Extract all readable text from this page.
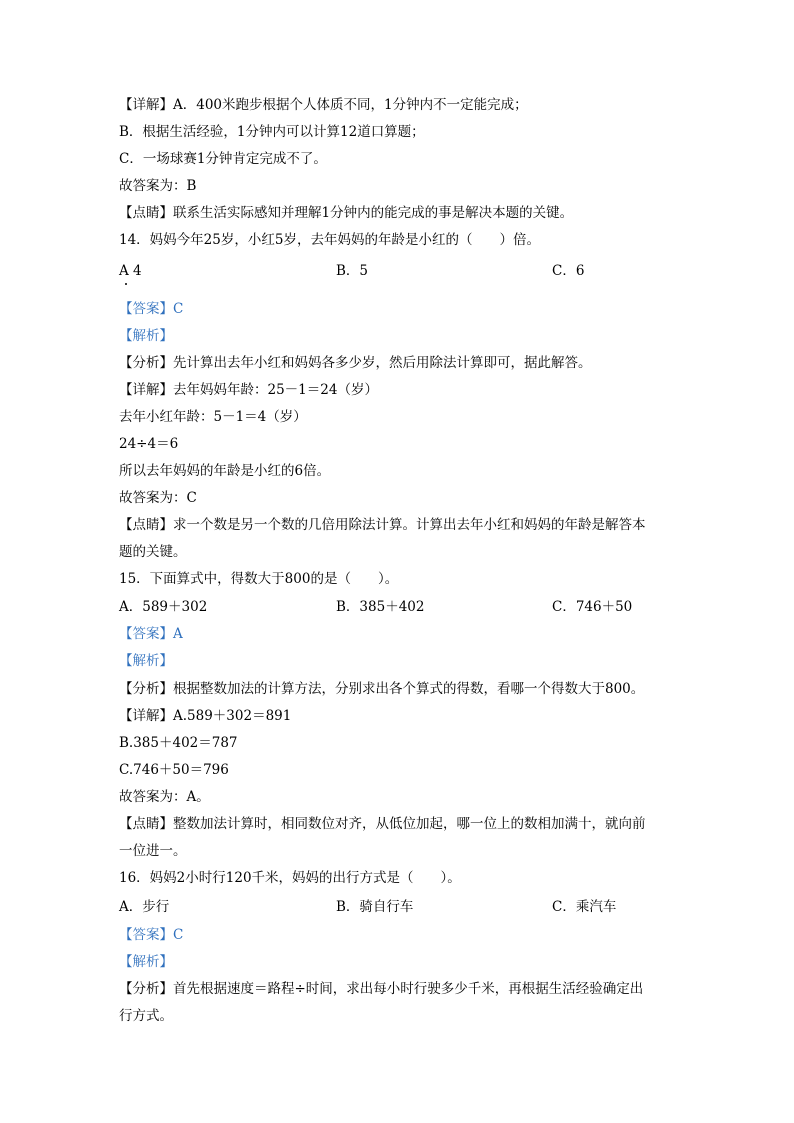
【详解】A．400米跑步根据个人体质不同，1分钟内不一定能完成；
B．根据生活经验，1分钟内可以计算12道口算题；
C．一场球赛1分钟肯定完成不了。
故答案为：B
【点睛】联系生活实际感知并理解1分钟内的能完成的事是解决本题的关键。
14．妈妈今年25岁，小红5岁，去年妈妈的年龄是小红的（　　）倍。
A 4	B．5	C．6
【答案】C
【解析】
【分析】先计算出去年小红和妈妈各多少岁，然后用除法计算即可，据此解答。
【详解】去年妈妈年龄：25－1＝24（岁）
去年小红年龄：5－1＝4（岁）
24÷4＝6
所以去年妈妈的年龄是小红的6倍。
故答案为：C
【点睛】求一个数是另一个数的几倍用除法计算。计算出去年小红和妈妈的年龄是解答本
题的关键。
15．下面算式中，得数大于800的是（　　）。
A．589＋302	B．385＋402	C．746＋50
【答案】A
【解析】
【分析】根据整数加法的计算方法，分别求出各个算式的得数，看哪一个得数大于800。
【详解】A.589＋302＝891
B.385＋402＝787
C.746＋50＝796
故答案为：A。
【点睛】整数加法计算时，相同数位对齐，从低位加起，哪一位上的数相加满十，就向前
一位进一。
16．妈妈2小时行120千米，妈妈的出行方式是（　　）。
A．步行	B．骑自行车	C．乘汽车
【答案】C
【解析】
【分析】首先根据速度＝路程÷时间，求出每小时行驶多少千米，再根据生活经验确定出
行方式。
